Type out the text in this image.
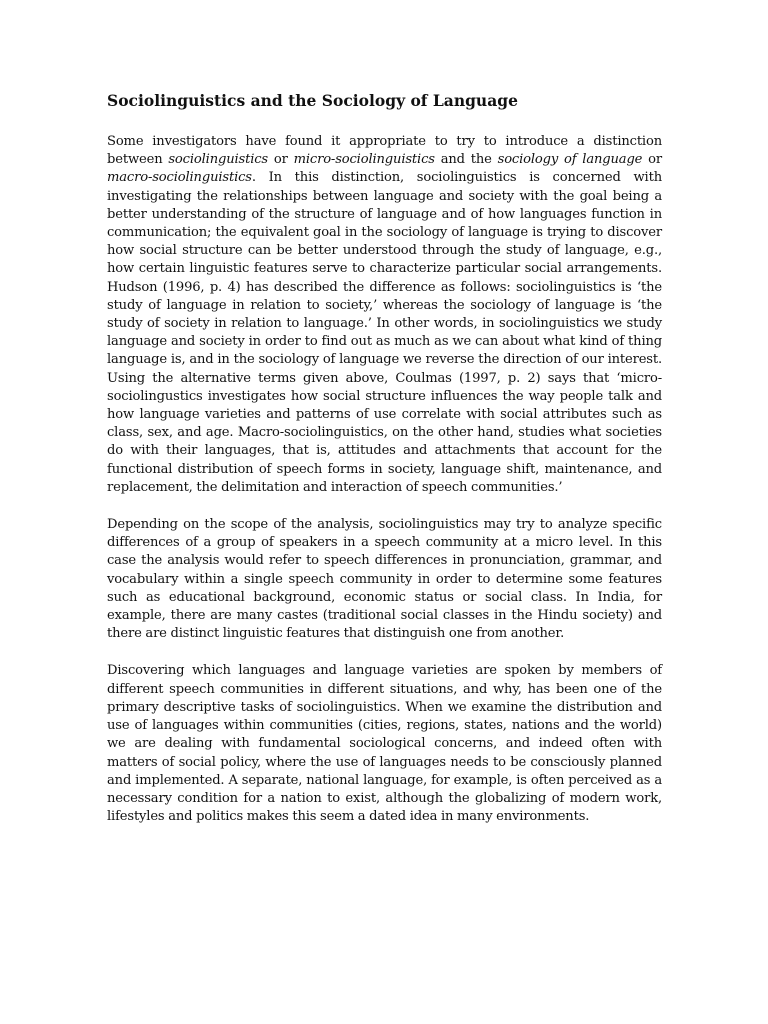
Sociolinguistics and the Sociology of Language

Some investigators have found it appropriate to try to introduce a distinction between sociolinguistics or micro-sociolinguistics and the sociology of language or macro-sociolinguistics. In this distinction, sociolinguistics is concerned with investigating the relationships between language and society with the goal being a better understanding of the structure of language and of how languages function in communication; the equivalent goal in the sociology of language is trying to discover how social structure can be better understood through the study of language, e.g., how certain linguistic features serve to characterize particular social arrangements. Hudson (1996, p. 4) has described the difference as follows: sociolinguistics is ‘the study of language in relation to society,’ whereas the sociology of language is ‘the study of society in relation to language.’ In other words, in sociolinguistics we study language and society in order to find out as much as we can about what kind of thing language is, and in the sociology of language we reverse the direction of our interest. Using the alternative terms given above, Coulmas (1997, p. 2) says that ‘micro-sociolingustics investigates how social structure influences the way people talk and how language varieties and patterns of use correlate with social attributes such as class, sex, and age. Macro-sociolinguistics, on the other hand, studies what societies do with their languages, that is, attitudes and attachments that account for the functional distribution of speech forms in society, language shift, maintenance, and replacement, the delimitation and interaction of speech communities.’

Depending on the scope of the analysis, sociolinguistics may try to analyze specific differences of a group of speakers in a speech community at a micro level. In this case the analysis would refer to speech differences in pronunciation, grammar, and vocabulary within a single speech community in order to determine some features such as educational background, economic status or social class. In India, for example, there are many castes (traditional social classes in the Hindu society) and there are distinct linguistic features that distinguish one from another.

Discovering which languages and language varieties are spoken by members of different speech communities in different situations, and why, has been one of the primary descriptive tasks of sociolinguistics. When we examine the distribution and use of languages within communities (cities, regions, states, nations and the world) we are dealing with fundamental sociological concerns, and indeed often with matters of social policy, where the use of languages needs to be consciously planned and implemented. A separate, national language, for example, is often perceived as a necessary condition for a nation to exist, although the globalizing of modern work, lifestyles and politics makes this seem a dated idea in many environments.
